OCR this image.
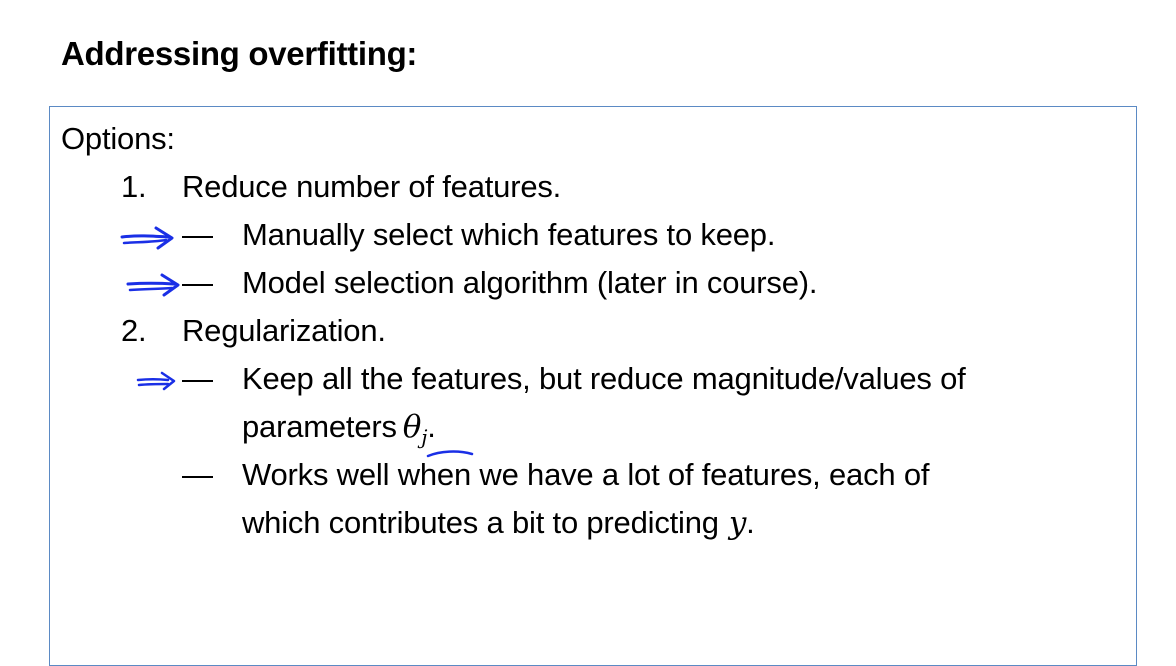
Addressing overfitting:
Options:
1. Reduce number of features.
— Manually select which features to keep.
— Model selection algorithm (later in course).
2. Regularization.
— Keep all the features, but reduce magnitude/values of
parameters $\theta_j$.
— Works well when we have a lot of features, each of
which contributes a bit to predicting y.
